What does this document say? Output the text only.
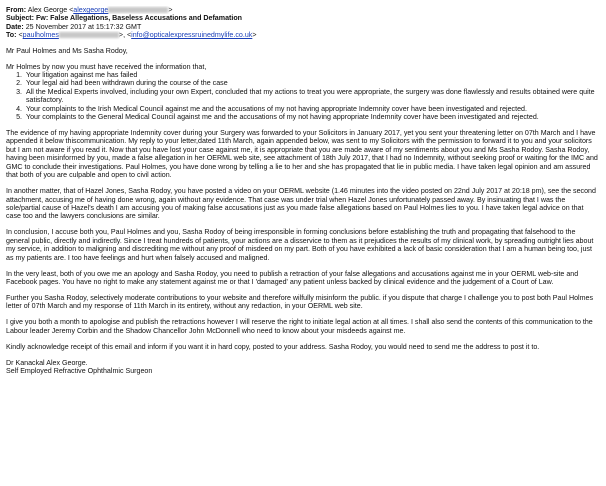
From: Alex George <alexgeorge	>
Subject: Fw: False Allegations, Baseless Accusations and Defamation
Date: 25 November 2017 at 15:17:32 GMT
To: <paulholmes	>, <info@opticalexpressruinedmylife.co.uk>

Mr Paul Holmes and Ms Sasha Rodoy,

Mr Holmes by now you must have received the information that,
1. Your litigation against me has failed
2. Your legal aid had been withdrawn during the course of the case
3. All the Medical Experts involved, including your own Expert, concluded that my actions to treat you were appropriate, the surgery was done flawlessly and results obtained were quite satisfactory.
4. Your complaints to the Irish Medical Council against me and the accusations of my not having appropriate Indemnity cover have been investigated and rejected.
5. Your complaints to the General Medical Council against me and the accusations of my not having appropriate Indemnity cover have been investigated and rejected.

The evidence of my having appropriate Indemnity cover during your Surgery was forwarded to your Solicitors in January 2017, yet you sent your threatening letter on 07th March and I have appended it below thiscommunication. My reply to your letter,dated 11th March, again appended below, was sent to my Solicitors with the permission to forward it to you and your solicitors but I am not aware if you read it. Now that you have lost your case against me, it is appropriate that you are made aware of my sentiments about you and Ms Sasha Rodoy. Sasha Rodoy, having been misinformed by you, made a false allegation in her OERML web site, see attachment of 18th July 2017, that I had no Indemnity, without seeking proof or waiting for the IMC and GMC to conclude their investigations. Paul Holmes, you have done wrong by telling a lie to her and she has propagated that lie in public media. I have taken legal opinion and am assured that both of you are culpable and open to civil action.

In another matter, that of Hazel Jones, Sasha Rodoy, you have posted a video on your OERML website (1.46 minutes into the video posted on 22nd July 2017 at 20:18 pm), see the second attachment, accusing me of having done wrong, again without any evidence. That case was under trial when Hazel Jones unfortunately passed away. By insinuating that I was the sole/partial cause of Hazel's death I am accusing you of making false accusations just as you made false allegations based on Paul Holmes lies to you. I have taken legal advice on that case too and the lawyers conclusions are similar.

In conclusion, I accuse both you, Paul Holmes and you, Sasha Rodoy of being irresponsible in forming conclusions before establishing the truth and propagating that falsehood to the general public, directly and indirectly. Since I treat hundreds of patients, your actions are a disservice to them as it prejudices the results of my clinical work, by spreading outright lies about my service, in addition to maligning and discrediting me without any proof of misdeed on my part. Both of you have exhibited a lack of basic consideration that I am a human being too, just as my patients are. I too have feelings and hurt when falsely accused and maligned.

In the very least, both of you owe me an apology and Sasha Rodoy, you need to publish a retraction of your false allegations and accusations against me in your OERML web-site and Facebook pages. You have no right to make any statement against me or that I 'damaged' any patient unless backed by clinical evidence and the judgement of a Court of Law.

Further you Sasha Rodoy, selectively moderate contributions to your website and therefore wilfully misinform the public. if you dispute that charge I challenge you to post both Paul Holmes letter of 07th March and my response of 11th March in its entirety, without any redaction, in your OERML web site.

I give you both a month to apologise and publish the retractions however I will reserve the right to initiate legal action at all times. I shall also send the contents of this communication to the Labour leader Jeremy Corbin and the Shadow Chancellor John McDonnell who need to know about your misdeeds against me.

Kindly acknowledge receipt of this email and inform if you want it in hard copy, posted to your address. Sasha Rodoy, you would need to send me the address to post it to.

Dr Kanackal Alex George.
Self Employed Refractive Ophthalmic Surgeon
